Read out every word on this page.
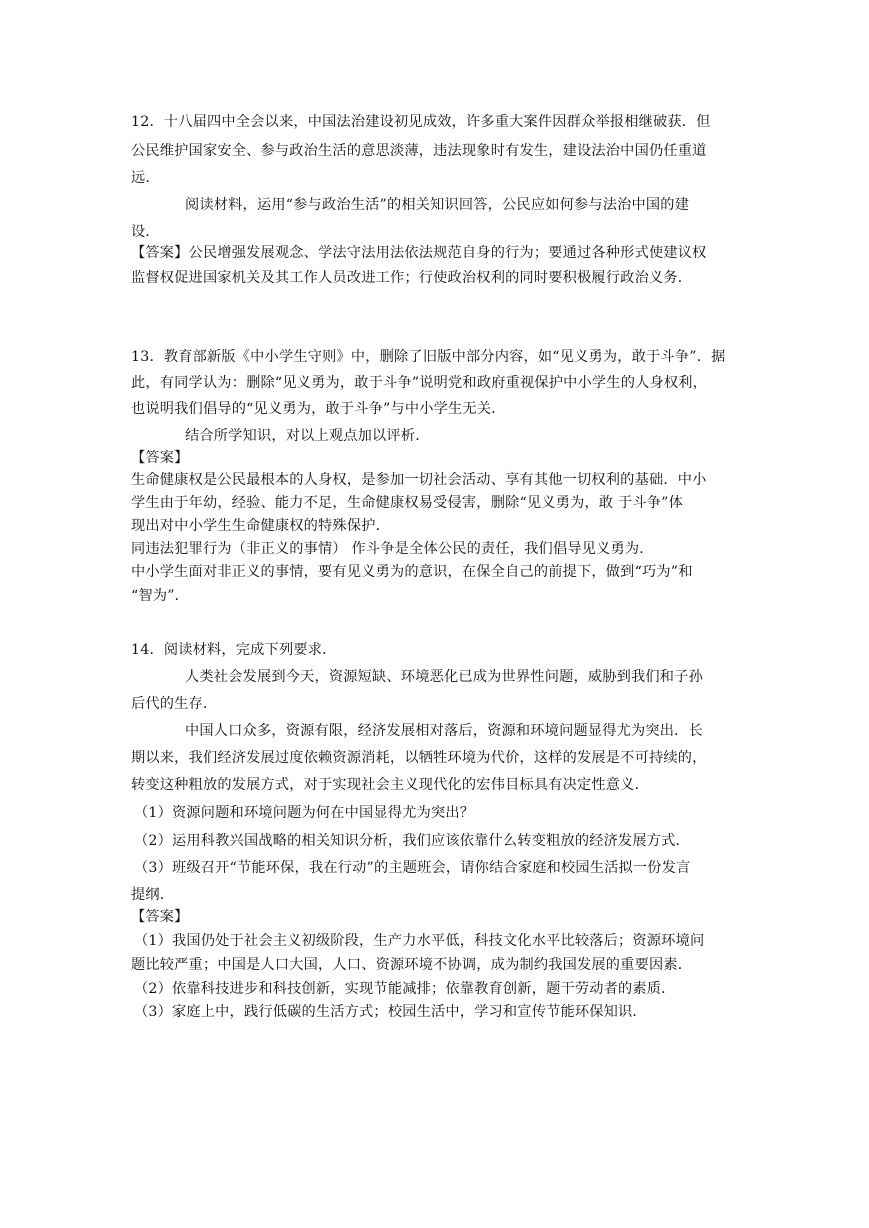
12．十八届四中全会以来，中国法治建设初见成效，许多重大案件因群众举报相继破获．但
公民维护国家安全、参与政治生活的意思淡薄，违法现象时有发生，建设法治中国仍任重道
远．
阅读材料，运用“参与政治生活”的相关知识回答，公民应如何参与法治中国的建
设．
【答案】公民增强发展观念、学法守法用法依法规范自身的行为；要通过各种形式使建议权
监督权促进国家机关及其工作人员改进工作；行使政治权利的同时要积极履行政治义务．
13．教育部新版《中小学生守则》中，删除了旧版中部分内容，如“见义勇为，敢于斗争”．据
此，有同学认为：删除“见义勇为，敢于斗争”说明党和政府重视保护中小学生的人身权利，
也说明我们倡导的“见义勇为，敢于斗争”与中小学生无关．
结合所学知识，对以上观点加以评析．
【答案】
生命健康权是公民最根本的人身权，是参加一切社会活动、享有其他一切权利的基础．中小
学生由于年幼，经验、能力不足，生命健康权易受侵害，删除“见义勇为，敢 于斗争”体
现出对中小学生生命健康权的特殊保护．
同违法犯罪行为（非正义的事情） 作斗争是全体公民的责任，我们倡导见义勇为．
中小学生面对非正义的事情，要有见义勇为的意识，在保全自己的前提下，做到“巧为”和
“智为”．
14．阅读材料，完成下列要求．
人类社会发展到今天，资源短缺、环境恶化已成为世界性问题，威胁到我们和子孙
后代的生存．
中国人口众多，资源有限，经济发展相对落后，资源和环境问题显得尤为突出．长
期以来，我们经济发展过度依赖资源消耗，以牺牲环境为代价，这样的发展是不可持续的，
转变这种粗放的发展方式，对于实现社会主义现代化的宏伟目标具有决定性意义．
（1）资源问题和环境问题为何在中国显得尤为突出？
（2）运用科教兴国战略的相关知识分析，我们应该依靠什么转变粗放的经济发展方式．
（3）班级召开“节能环保，我在行动”的主题班会，请你结合家庭和校园生活拟一份发言
提纲．
【答案】
（1）我国仍处于社会主义初级阶段，生产力水平低，科技文化水平比较落后；资源环境问
题比较严重；中国是人口大国，人口、资源环境不协调，成为制约我国发展的重要因素．
（2）依靠科技进步和科技创新，实现节能减排；依靠教育创新，题干劳动者的素质．
（3）家庭上中，践行低碳的生活方式；校园生活中，学习和宣传节能环保知识．
